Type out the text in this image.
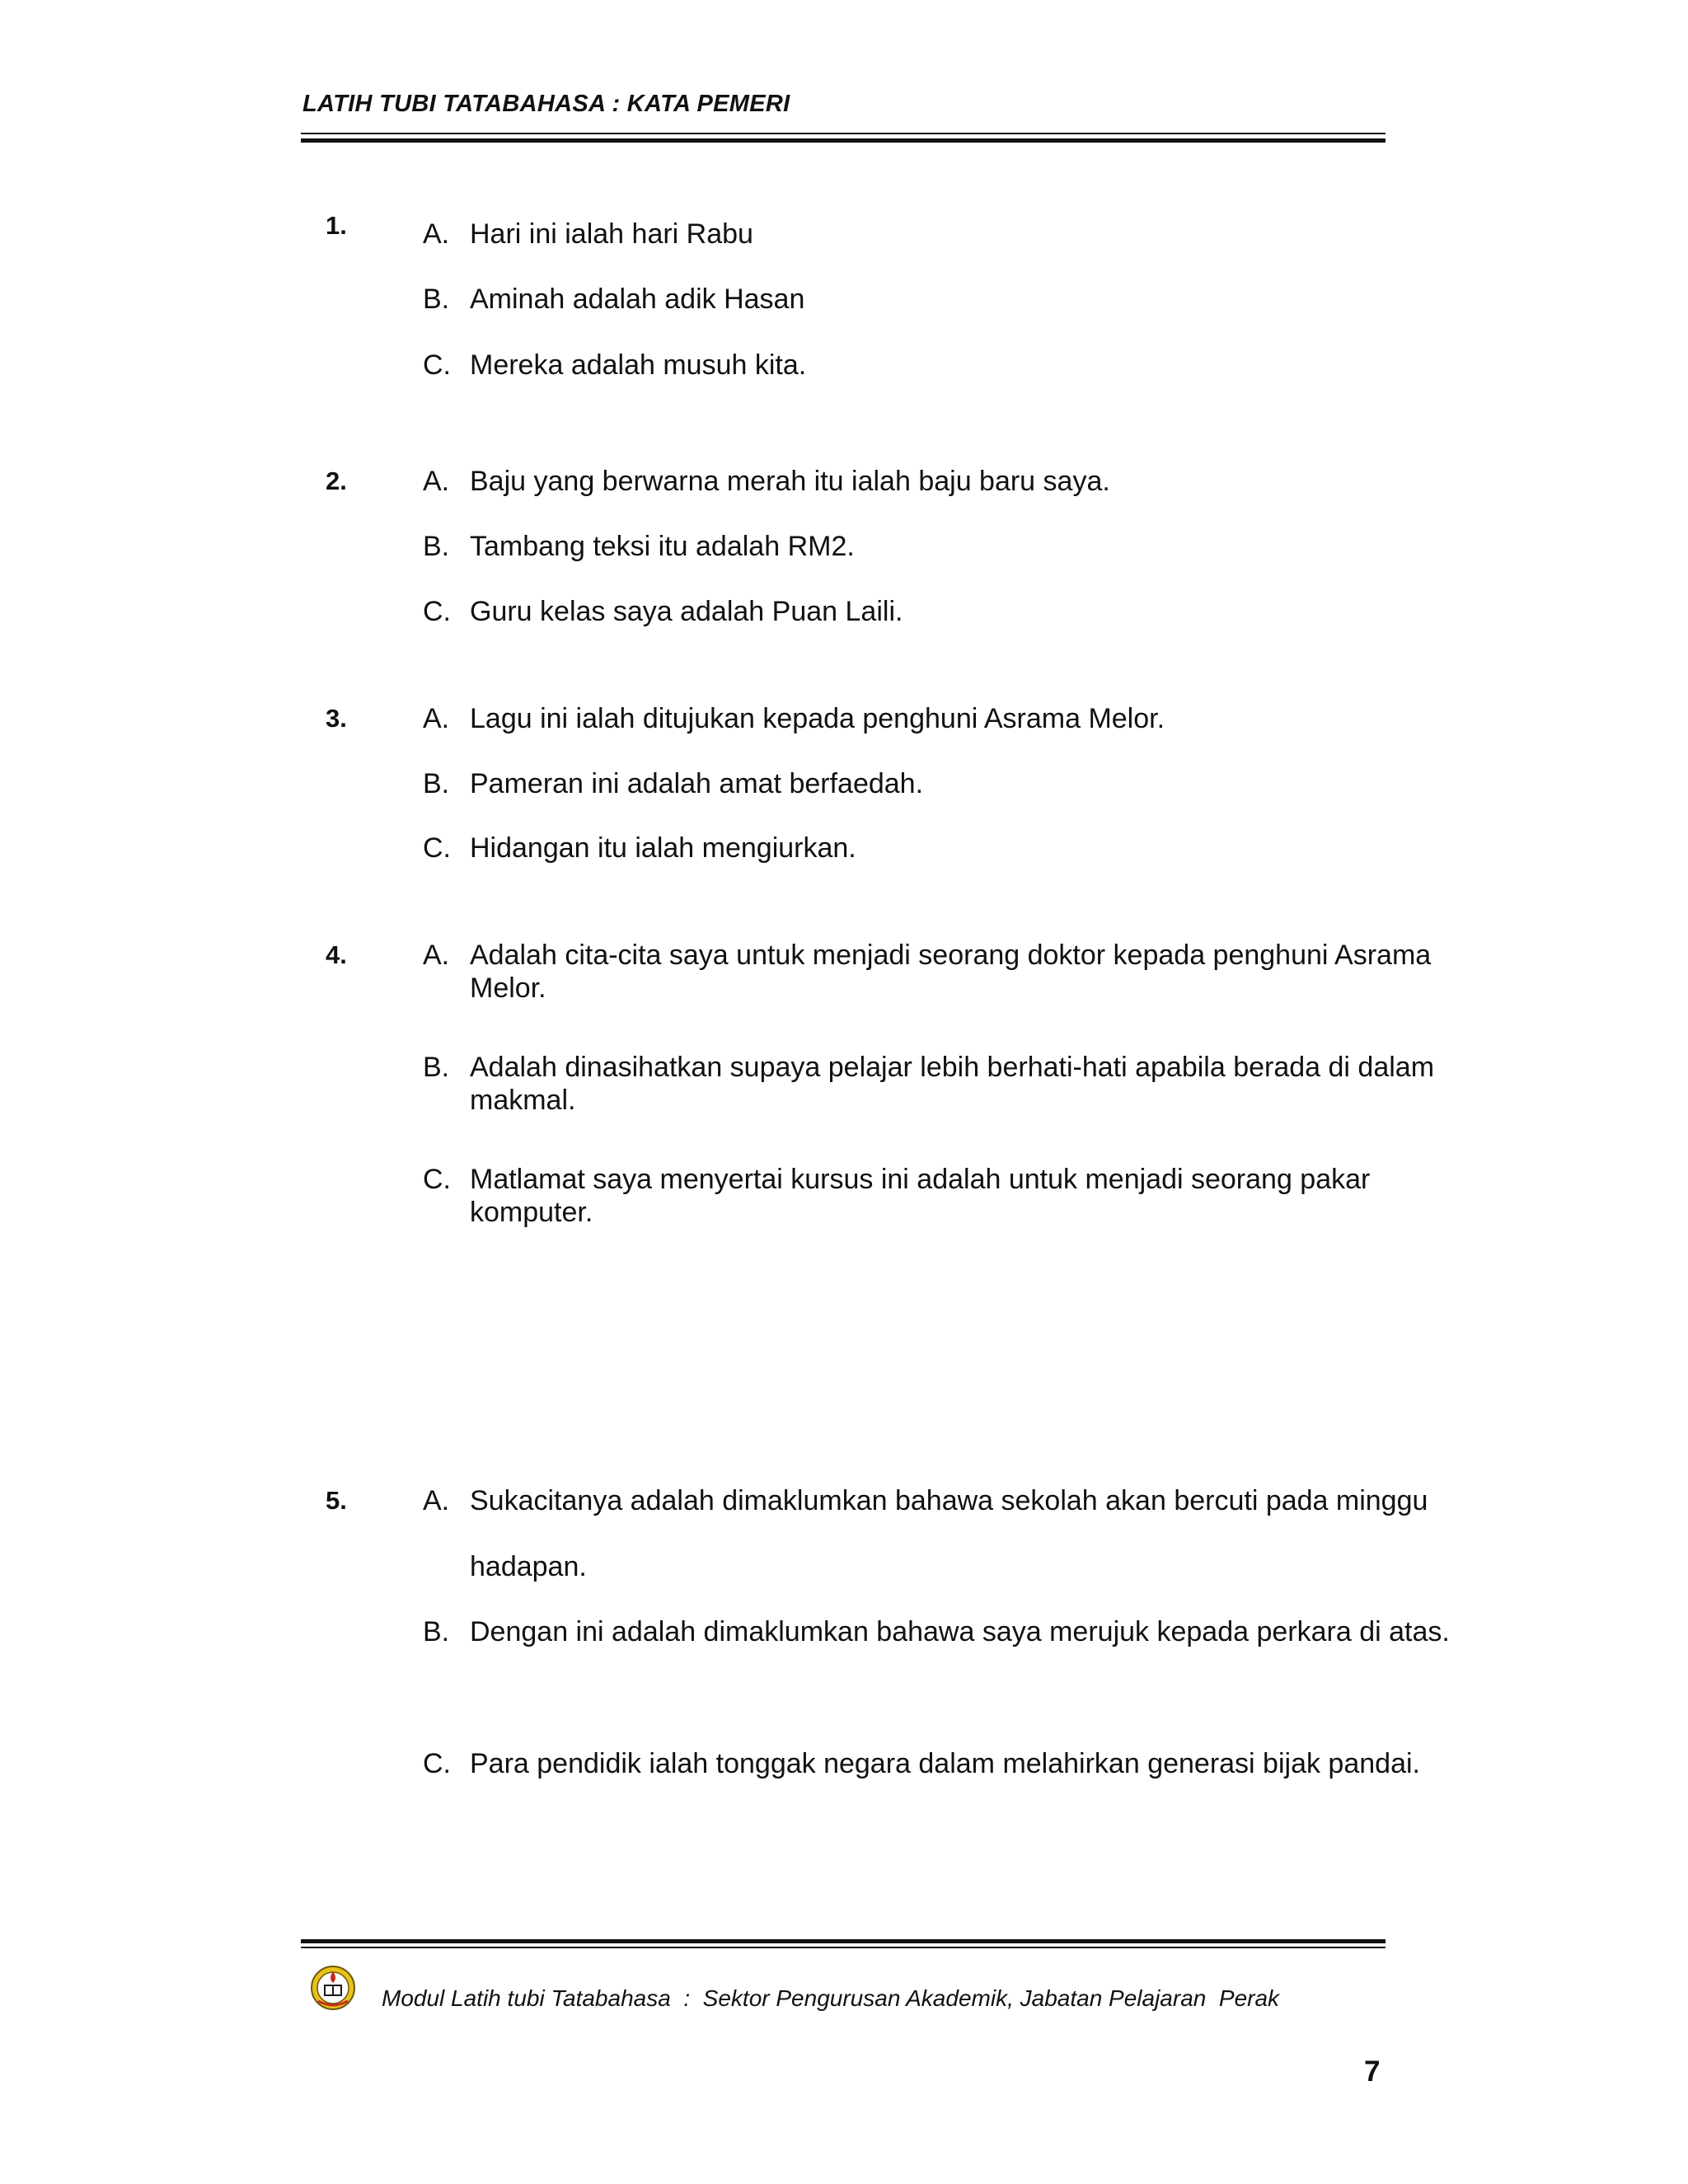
LATIH TUBI TATABAHASA : KATA PEMERI
1.	A. Hari ini ialah hari Rabu
B. Aminah adalah adik Hasan
C. Mereka adalah musuh kita.
2.	A. Baju yang berwarna merah itu ialah baju baru saya.
B. Tambang teksi itu adalah RM2.
C. Guru kelas saya adalah Puan Laili.
3.	A. Lagu ini ialah ditujukan kepada penghuni Asrama Melor.
B. Pameran ini adalah amat berfaedah.
C. Hidangan itu ialah mengiurkan.
4.	A. Adalah cita-cita saya untuk menjadi seorang doktor kepada penghuni Asrama Melor.
B. Adalah dinasihatkan supaya pelajar lebih berhati-hati apabila berada di dalam makmal.
C. Matlamat saya menyertai kursus ini adalah untuk menjadi seorang pakar komputer.
5.	A. Sukacitanya adalah dimaklumkan bahawa sekolah akan bercuti pada minggu hadapan.
B. Dengan ini adalah dimaklumkan bahawa saya merujuk kepada perkara di atas.
C. Para pendidik ialah tonggak negara dalam melahirkan generasi bijak pandai.
Modul Latih tubi Tatabahasa  :  Sektor Pengurusan Akademik, Jabatan Pelajaran  Perak
7
